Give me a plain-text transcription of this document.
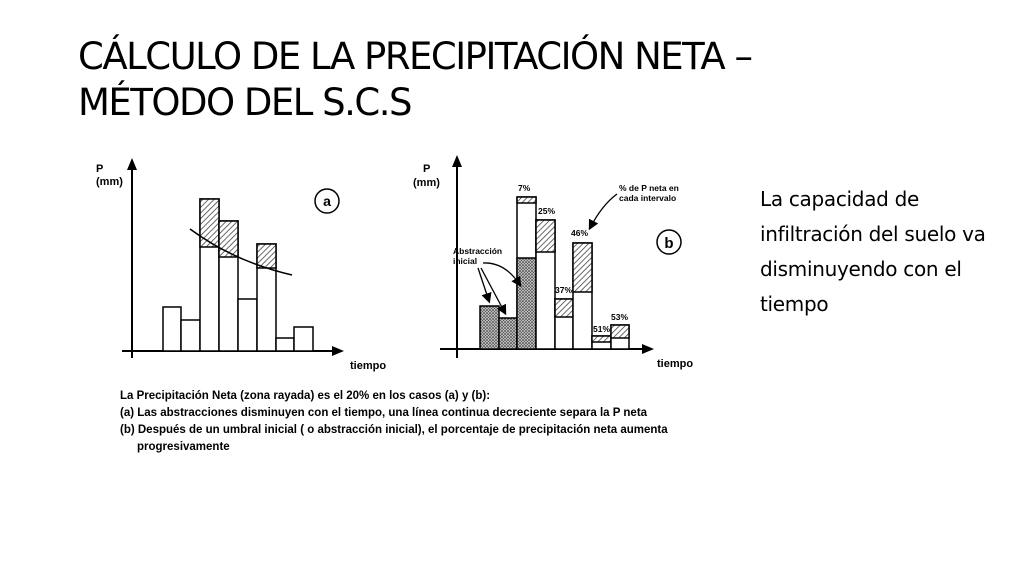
CÁLCULO DE LA PRECIPITACIÓN NETA –
MÉTODO DEL S.C.S
La capacidad de infiltración del suelo va disminuyendo con el tiempo
P
(mm)
tiempo
a
P
(mm)
tiempo
b
7%
25%
46%
37%
51%
53%
% de P neta en
cada intervalo
Abstracción
inicial
La Precipitación Neta (zona rayada) es el 20% en los casos (a) y (b):
(a) Las abstracciones disminuyen con el tiempo, una línea continua decreciente separa la P neta
(b) Después de un umbral inicial ( o abstracción inicial), el porcentaje de precipitación neta aumenta
progresivamente
